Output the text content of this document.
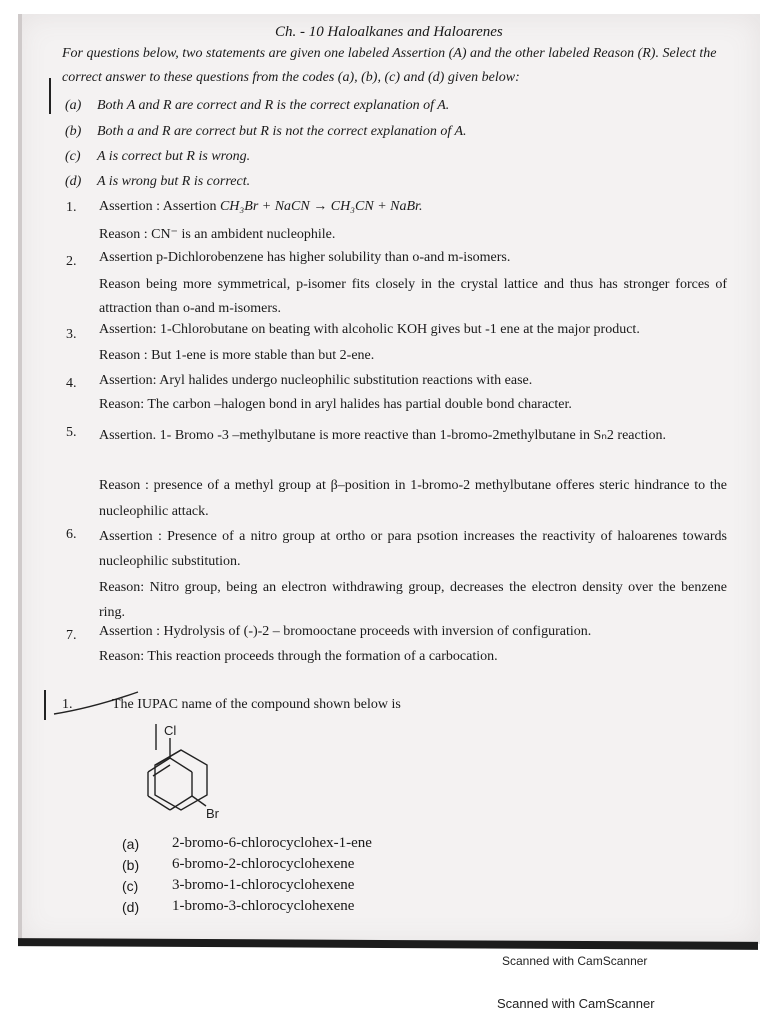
Ch. - 10 Haloalkanes and Haloarenes
For questions below, two statements are given one labeled Assertion (A) and the other labeled Reason (R). Select the correct answer to these questions from the codes (a), (b), (c) and (d) given below:
(a) Both A and R are correct and R is the correct explanation of A.
(b) Both a and R are correct but R is not the correct explanation of A.
(c) A is correct but R is wrong.
(d) A is wrong but R is correct.
1. Assertion : Assertion CH₃Br + NaCN → CH₃CN + NaBr.
Reason : CN⁻ is an ambident nucleophile.
2. Assertion p-Dichlorobenzene has higher solubility than o-and m-isomers.
Reason being more symmetrical, p-isomer fits closely in the crystal lattice and thus has stronger forces of attraction than o-and m-isomers.
3. Assertion: 1-Chlorobutane on beating with alcoholic KOH gives but -1 ene at the major product.
Reason : But 1-ene is more stable than but 2-ene.
4. Assertion: Aryl halides undergo nucleophilic substitution reactions with ease.
Reason: The carbon –halogen bond in aryl halides has partial double bond character.
5. Assertion. 1- Bromo -3 –methylbutane is more reactive than 1-bromo-2methylbutane in Sₙ2 reaction.
Reason : presence of a methyl group at β–position in 1-bromo-2 methylbutane offeres steric hindrance to the nucleophilic attack.
6. Assertion : Presence of a nitro group at ortho or para psotion increases the reactivity of haloarenes towards nucleophilic substitution.
Reason: Nitro group, being an electron withdrawing group, decreases the electron density over the benzene ring.
7. Assertion : Hydrolysis of (-)-2 – bromooctane proceeds with inversion of configuration.
Reason: This reaction proceeds through the formation of a carbocation.
1.	The IUPAC name of the compound shown below is
Cl
Br
(a) 2-bromo-6-chlorocyclohex-1-ene
(b) 6-bromo-2-chlorocyclohexene
(c) 3-bromo-1-chlorocyclohexene
(d) 1-bromo-3-chlorocyclohexene
Scanned with CamScanner
Scanned with CamScanner
